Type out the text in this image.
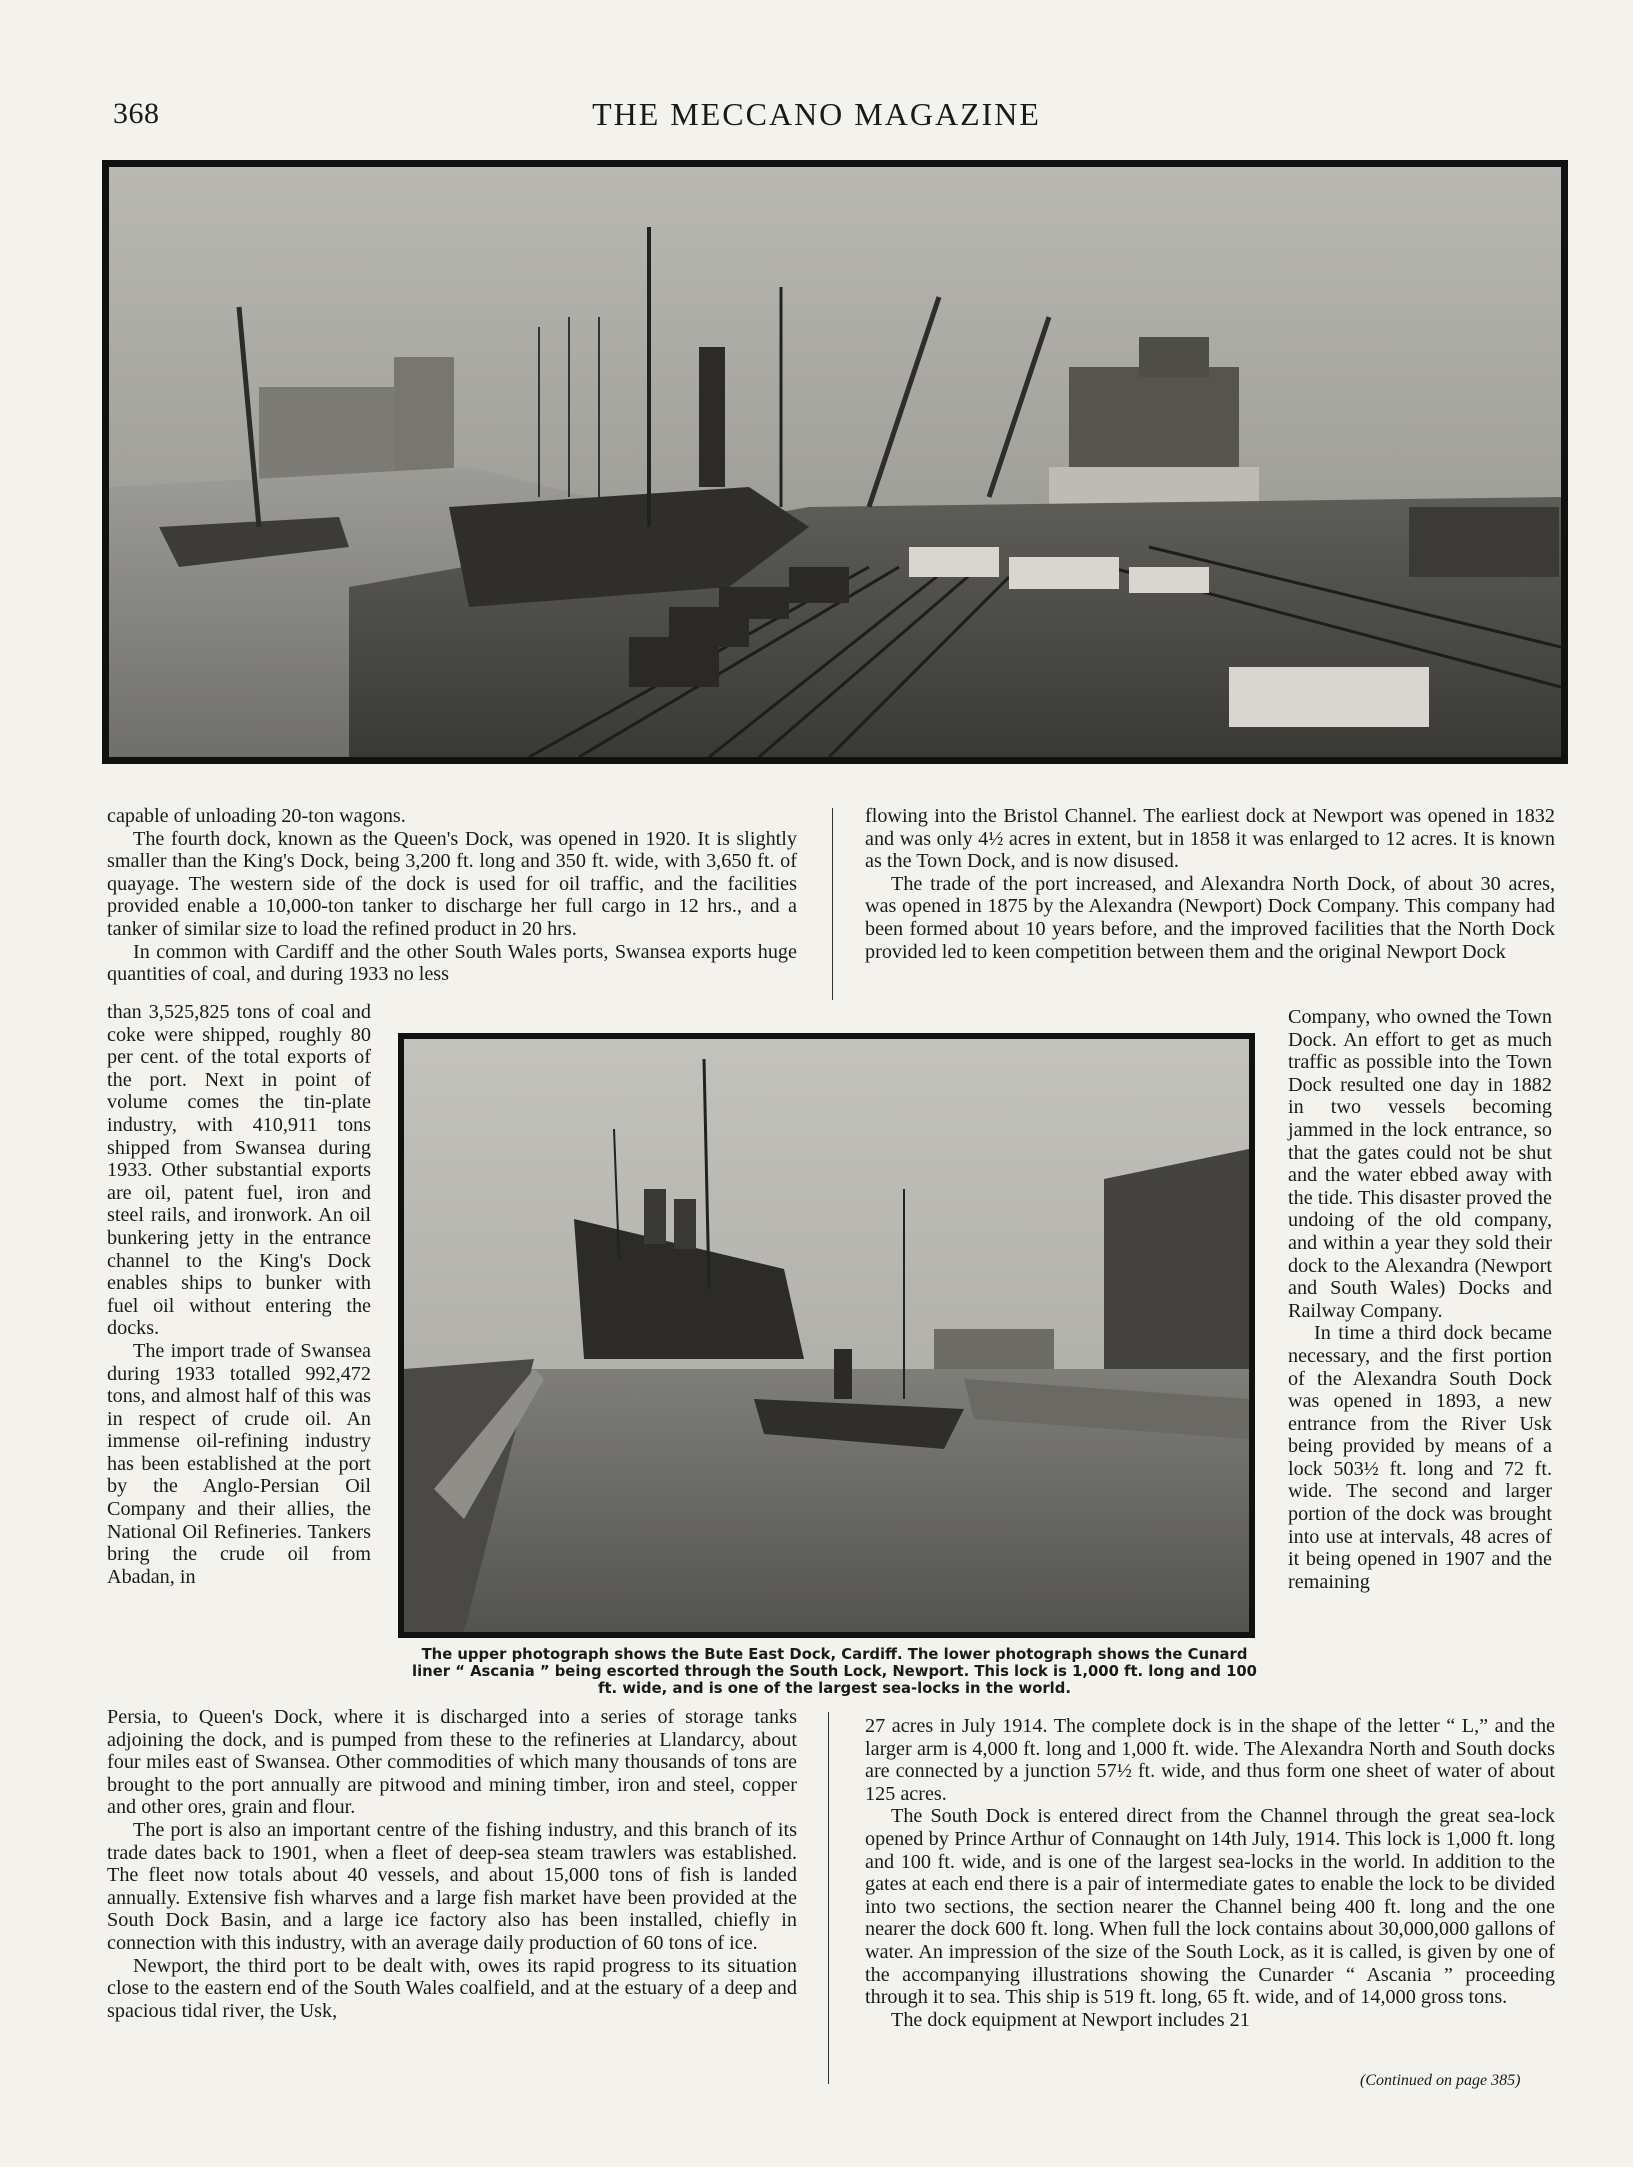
368	THE MECCANO MAGAZINE

capable of unloading 20-ton wagons.

The fourth dock, known as the Queen's Dock, was opened in 1920. It is slightly smaller than the King's Dock, being 3,200 ft. long and 350 ft. wide, with 3,650 ft. of quayage. The western side of the dock is used for oil traffic, and the facilities provided enable a 10,000-ton tanker to discharge her full cargo in 12 hrs., and a tanker of similar size to load the refined product in 20 hrs.

In common with Cardiff and the other South Wales ports, Swansea exports huge quantities of coal, and during 1933 no less

flowing into the Bristol Channel. The earliest dock at Newport was opened in 1832 and was only 4½ acres in extent, but in 1858 it was enlarged to 12 acres. It is known as the Town Dock, and is now disused.

The trade of the port increased, and Alexandra North Dock, of about 30 acres, was opened in 1875 by the Alexandra (Newport) Dock Company. This company had been formed about 10 years before, and the improved facilities that the North Dock provided led to keen competition between them and the original Newport Dock

than 3,525,825 tons of coal and coke were shipped, roughly 80 per cent. of the total exports of the port. Next in point of volume comes the tin-plate industry, with 410,911 tons shipped from Swansea during 1933. Other substantial exports are oil, patent fuel, iron and steel rails, and ironwork. An oil bunkering jetty in the entrance channel to the King's Dock enables ships to bunker with fuel oil without entering the docks.

The import trade of Swansea during 1933 totalled 992,472 tons, and almost half of this was in respect of crude oil. An immense oil-refining industry has been established at the port by the Anglo-Persian Oil Company and their allies, the National Oil Refineries. Tankers bring the crude oil from Abadan, in

The upper photograph shows the Bute East Dock, Cardiff. The lower photograph shows the Cunard liner “ Ascania ” being escorted through the South Lock, Newport. This lock is 1,000 ft. long and 100 ft. wide, and is one of the largest sea-locks in the world.

Company, who owned the Town Dock. An effort to get as much traffic as possible into the Town Dock resulted one day in 1882 in two vessels becoming jammed in the lock entrance, so that the gates could not be shut and the water ebbed away with the tide. This disaster proved the undoing of the old company, and within a year they sold their dock to the Alexandra (Newport and South Wales) Docks and Railway Company.

In time a third dock became necessary, and the first portion of the Alexandra South Dock was opened in 1893, a new entrance from the River Usk being provided by means of a lock 503½ ft. long and 72 ft. wide. The second and larger portion of the dock was brought into use at intervals, 48 acres of it being opened in 1907 and the remaining

Persia, to Queen's Dock, where it is discharged into a series of storage tanks adjoining the dock, and is pumped from these to the refineries at Llandarcy, about four miles east of Swansea. Other commodities of which many thousands of tons are brought to the port annually are pitwood and mining timber, iron and steel, copper and other ores, grain and flour.

The port is also an important centre of the fishing industry, and this branch of its trade dates back to 1901, when a fleet of deep-sea steam trawlers was established. The fleet now totals about 40 vessels, and about 15,000 tons of fish is landed annually. Extensive fish wharves and a large fish market have been provided at the South Dock Basin, and a large ice factory also has been installed, chiefly in connection with this industry, with an average daily production of 60 tons of ice.

Newport, the third port to be dealt with, owes its rapid progress to its situation close to the eastern end of the South Wales coalfield, and at the estuary of a deep and spacious tidal river, the Usk,

27 acres in July 1914. The complete dock is in the shape of the letter “ L,” and the larger arm is 4,000 ft. long and 1,000 ft. wide. The Alexandra North and South docks are connected by a junction 57½ ft. wide, and thus form one sheet of water of about 125 acres.

The South Dock is entered direct from the Channel through the great sea-lock opened by Prince Arthur of Connaught on 14th July, 1914. This lock is 1,000 ft. long and 100 ft. wide, and is one of the largest sea-locks in the world. In addition to the gates at each end there is a pair of intermediate gates to enable the lock to be divided into two sections, the section nearer the Channel being 400 ft. long and the one nearer the dock 600 ft. long. When full the lock contains about 30,000,000 gallons of water. An impression of the size of the South Lock, as it is called, is given by one of the accompanying illustrations showing the Cunarder “ Ascania ” proceeding through it to sea. This ship is 519 ft. long, 65 ft. wide, and of 14,000 gross tons.

The dock equipment at Newport includes 21

(Continued on page 385)
